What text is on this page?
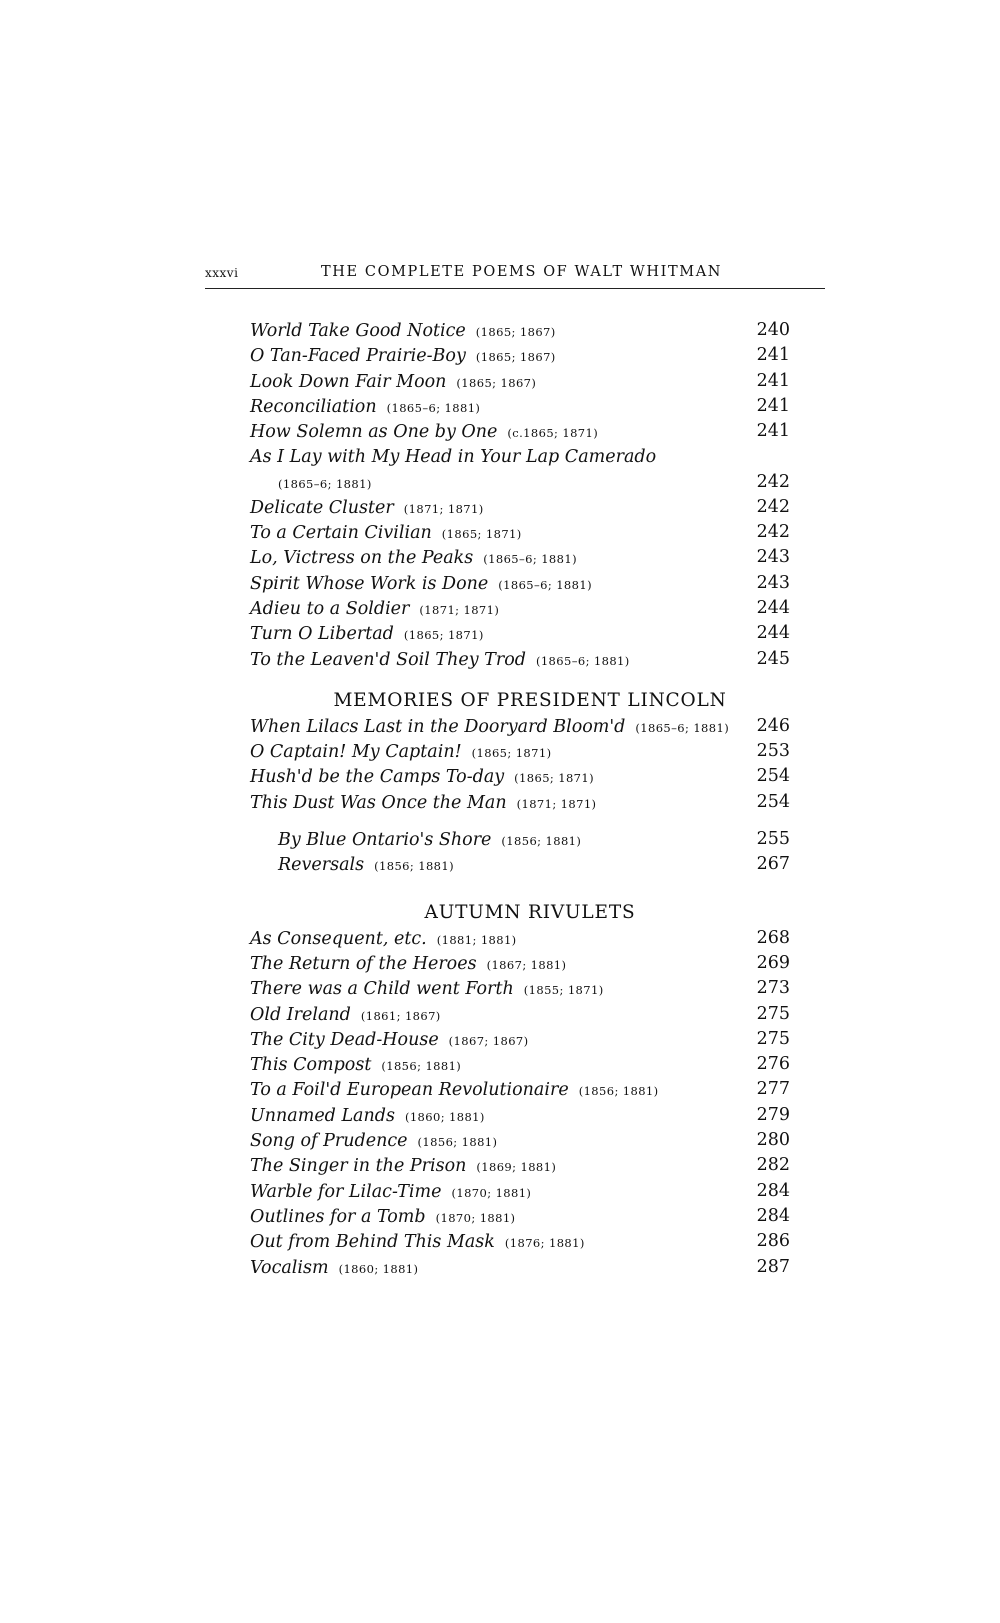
xxxvi	THE COMPLETE POEMS OF WALT WHITMAN
World Take Good Notice (1865; 1867)	240
O Tan-Faced Prairie-Boy (1865; 1867)	241
Look Down Fair Moon (1865; 1867)	241
Reconciliation (1865–6; 1881)	241
How Solemn as One by One (c.1865; 1871)	241
As I Lay with My Head in Your Lap Camerado
(1865–6; 1881)	242
Delicate Cluster (1871; 1871)	242
To a Certain Civilian (1865; 1871)	242
Lo, Victress on the Peaks (1865–6; 1881)	243
Spirit Whose Work is Done (1865–6; 1881)	243
Adieu to a Soldier (1871; 1871)	244
Turn O Libertad (1865; 1871)	244
To the Leaven'd Soil They Trod (1865–6; 1881)	245
MEMORIES OF PRESIDENT LINCOLN
When Lilacs Last in the Dooryard Bloom'd (1865–6; 1881)	246
O Captain! My Captain! (1865; 1871)	253
Hush'd be the Camps To-day (1865; 1871)	254
This Dust Was Once the Man (1871; 1871)	254
By Blue Ontario's Shore (1856; 1881)	255
Reversals (1856; 1881)	267
AUTUMN RIVULETS
As Consequent, etc. (1881; 1881)	268
The Return of the Heroes (1867; 1881)	269
There was a Child went Forth (1855; 1871)	273
Old Ireland (1861; 1867)	275
The City Dead-House (1867; 1867)	275
This Compost (1856; 1881)	276
To a Foil'd European Revolutionaire (1856; 1881)	277
Unnamed Lands (1860; 1881)	279
Song of Prudence (1856; 1881)	280
The Singer in the Prison (1869; 1881)	282
Warble for Lilac-Time (1870; 1881)	284
Outlines for a Tomb (1870; 1881)	284
Out from Behind This Mask (1876; 1881)	286
Vocalism (1860; 1881)	287
